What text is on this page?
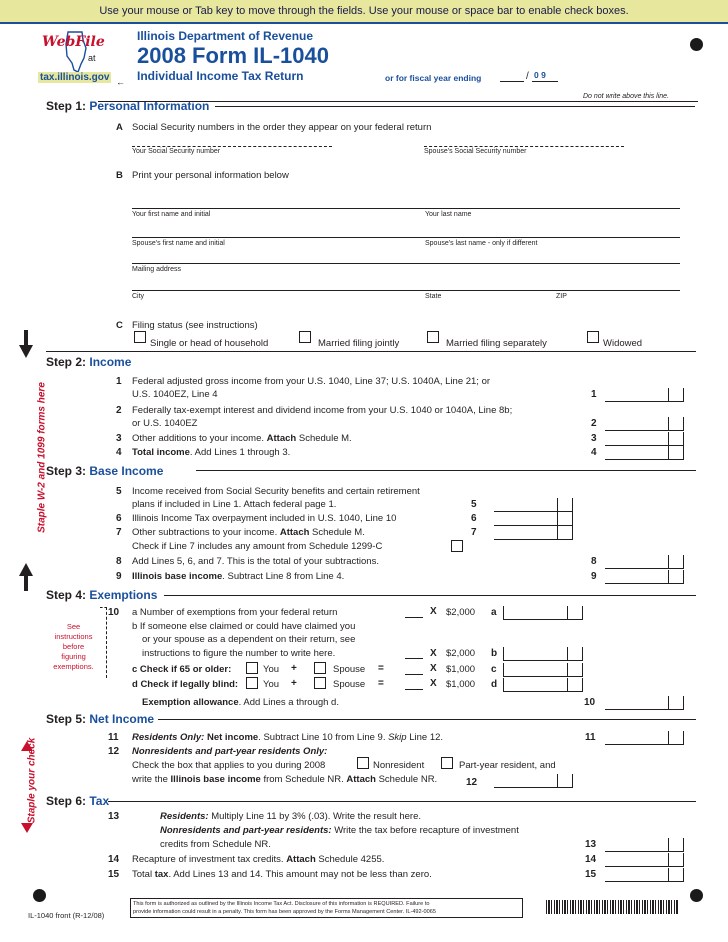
Use your mouse or Tab key to move through the fields. Use your mouse or space bar to enable check boxes.
WebFile
at
tax.illinois.gov ←
Illinois Department of Revenue
2008 Form IL-1040
Individual Income Tax Return	or for fiscal year ending	/ 0 9
Do not write above this line.
Step 1: Personal Information
A Social Security numbers in the order they appear on your federal return
Your Social Security number	Spouse's Social Security number
B Print your personal information below
Your first name and initial	Your last name
Spouse's first name and initial	Spouse's last name - only if different
Mailing address
City	State	ZIP
C Filing status (see instructions)
Single or head of household	Married filing jointly	Married filing separately	Widowed
Step 2: Income
1 Federal adjusted gross income from your U.S. 1040, Line 37; U.S. 1040A, Line 21; or
U.S. 1040EZ, Line 4	1
2 Federally tax-exempt interest and dividend income from your U.S. 1040 or 1040A, Line 8b;
or U.S. 1040EZ	2
3 Other additions to your income. Attach Schedule M.	3
4 Total income. Add Lines 1 through 3.	4
Step 3: Base Income
5 Income received from Social Security benefits and certain retirement
plans if included in Line 1. Attach federal page 1.	5
6 Illinois Income Tax overpayment included in U.S. 1040, Line 10	6
7 Other subtractions to your income. Attach Schedule M.	7
Check if Line 7 includes any amount from Schedule 1299-C
8 Add Lines 5, 6, and 7. This is the total of your subtractions.	8
9 Illinois base income. Subtract Line 8 from Line 4.	9
Step 4: Exemptions
See
instructions
before
figuring
exemptions.
10 a Number of exemptions from your federal return	X $2,000 a
b If someone else claimed or could have claimed you
or your spouse as a dependent on their return, see
instructions to figure the number to write here.	X $2,000 b
c Check if 65 or older:	You +	Spouse =	X $1,000 c
d Check if legally blind:	You +	Spouse =	X $1,000 d
Exemption allowance. Add Lines a through d.	10
Step 5: Net Income
11 Residents Only: Net income. Subtract Line 10 from Line 9. Skip Line 12.	11
12 Nonresidents and part-year residents Only:
Check the box that applies to you during 2008	Nonresident	Part-year resident, and
write the Illinois base income from Schedule NR. Attach Schedule NR.	12
Step 6: Tax
13	Residents: Multiply Line 11 by 3% (.03). Write the result here.
Nonresidents and part-year residents: Write the tax before recapture of investment
credits from Schedule NR.	13
14 Recapture of investment tax credits. Attach Schedule 4255.	14
15 Total tax. Add Lines 13 and 14. This amount may not be less than zero.	15
Staple W-2 and 1099 forms here
Staple your check
IL-1040 front (R-12/08)
This form is authorized as outlined by the Illinois Income Tax Act. Disclosure of this information is REQUIRED. Failure to
provide information could result in a penalty. This form has been approved by the Forms Management Center. IL-492-0065
